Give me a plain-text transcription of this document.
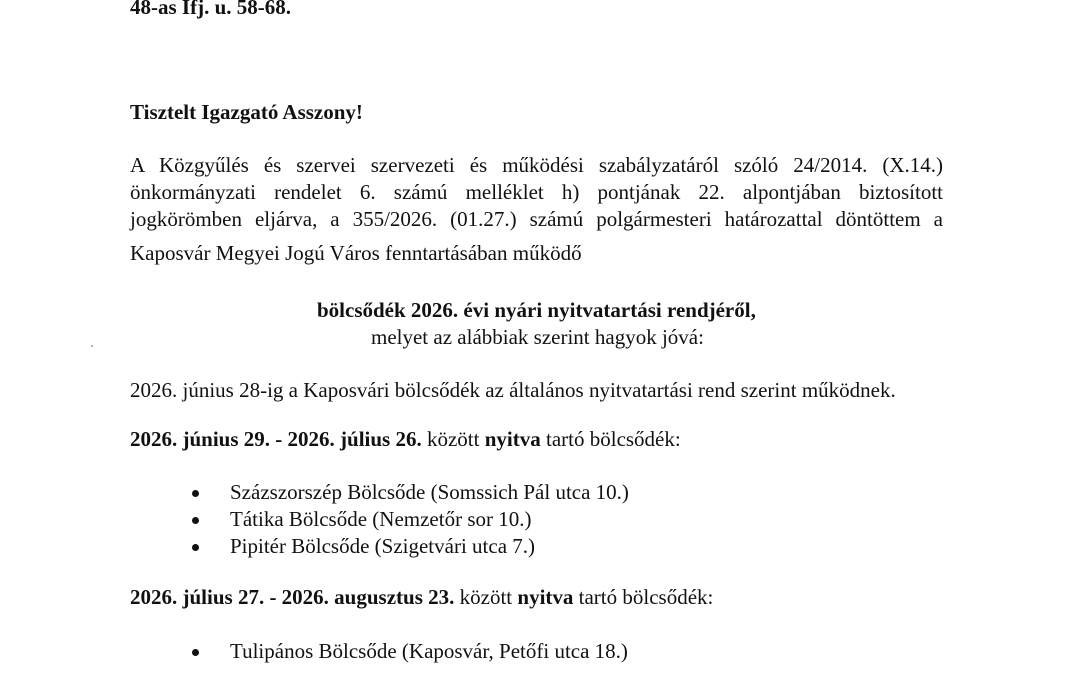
48-as Ifj. u. 58-68.
Tisztelt Igazgató Asszony!
A Közgyűlés és szervei szervezeti és működési szabályzatáról szóló 24/2014. (X.14.)
önkormányzati rendelet 6. számú melléklet h) pontjának 22. alpontjában biztosított
jogkörömben eljárva, a 355/2026. (01.27.) számú polgármesteri határozattal döntöttem a
Kaposvár Megyei Jogú Város fenntartásában működő
bölcsődék 2026. évi nyári nyitvatartási rendjéről,
melyet az alábbiak szerint hagyok jóvá:
2026. június 28-ig a Kaposvári bölcsődék az általános nyitvatartási rend szerint működnek.
2026. június 29. - 2026. július 26. között nyitva tartó bölcsődék:
Százszorszép Bölcsőde (Somssich Pál utca 10.)
Tátika Bölcsőde (Nemzetőr sor 10.)
Pipitér Bölcsőde (Szigetvári utca 7.)
2026. július 27. - 2026. augusztus 23. között nyitva tartó bölcsődék:
Tulipános Bölcsőde (Kaposvár, Petőfi utca 18.)
